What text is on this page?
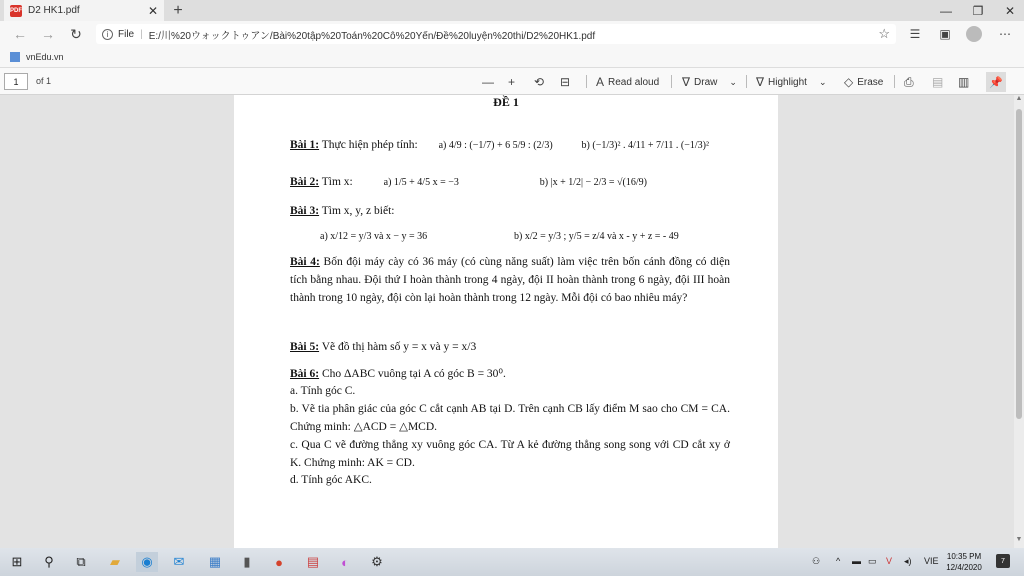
PDF D2 HK1.pdf	✕ +	—	❐	✕
← → ↻	i File | E:/川%20ウォックトゥアン/Bài%20tập%20Toán%20Cô%20Yến/Đề%20luyện%20thi/D2%20HK1.pdf	☆	☰	▣	⋯
vnEdu.vn
1	of 1	— + ⟲ ⊟ A Read aloud ∇ Draw ⌄ ∇ Highlight ⌄ ◇ Erase ⎙ ▤ ▥ 📌
ĐỀ 1
Bài 1: Thực hiện phép tính: a) 4/9 : (−1/7) + 6 5/9 : (2/3)	b) (−1/3)² . 4/11 + 7/11 . (−1/3)²
Bài 2: Tìm x:	a) 1/5 + 4/5 x = −3	b) |x + 1/2| − 2/3 = √(16/9)
Bài 3: Tìm x, y, z biết:
a) x/12 = y/3 và x − y = 36	b) x/2 = y/3 ; y/5 = z/4 và x - y + z = - 49
Bài 4: Bốn đội máy cày có 36 máy (có cùng năng suất) làm việc trên bốn cánh đồng có diện tích bằng nhau. Đội thứ I hoàn thành trong 4 ngày, đội II hoàn thành trong 6 ngày, đội III hoàn thành trong 10 ngày, đội còn lại hoàn thành trong 12 ngày. Mỗi đội có bao nhiêu máy?
Bài 5: Vẽ đồ thị hàm số y = x và y = x/3
Bài 6: Cho ΔABC vuông tại A có góc B = 30⁰.
a. Tính góc C.
b. Vẽ tia phân giác của góc C cắt cạnh AB tại D. Trên cạnh CB lấy điểm M sao cho CM = CA. Chứng minh: △ACD = △MCD.
c. Qua C vẽ đường thẳng xy vuông góc CA. Từ A kẻ đường thẳng song song với CD cắt xy ở K. Chứng minh: AK = CD.
d. Tính góc AKC.
▲
▼
⊞	⚲	⧉	▰	◉	✉	▦	▮	●	▤	◐	⚙	⚇ ^ ▬ ▭ V ◂) VIE	10:35 PM
12/4/2020
7
